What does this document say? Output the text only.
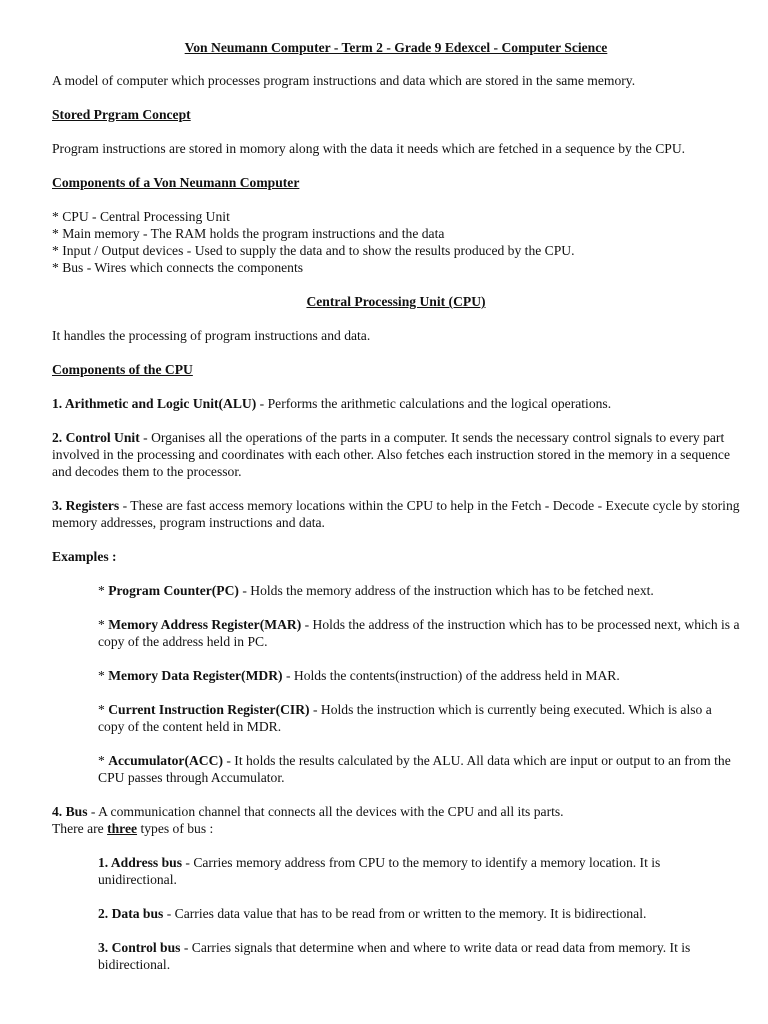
Von Neumann Computer - Term 2 - Grade 9 Edexcel - Computer Science

A model of computer which processes program instructions and data which are stored in the same memory.

Stored Prgram Concept

Program instructions are stored in momory along with the data it needs which are fetched in a sequence by the CPU.

Components of a Von Neumann Computer
* CPU - Central Processing Unit
* Main memory - The RAM holds the program instructions and the data
* Input / Output devices - Used to supply the data and to show the results produced by the CPU.
* Bus - Wires which connects the components
Central Processing Unit (CPU)

It handles the processing of program instructions and data.

Components of the CPU

1. Arithmetic and Logic Unit(ALU) - Performs the arithmetic calculations and the logical operations.

2. Control Unit - Organises all the operations of the parts in a computer. It sends the necessary control signals to every part involved in the processing and coordinates with each other. Also fetches each instruction stored in the memory in a sequence and decodes them to the processor.

3. Registers - These are fast access memory locations within the CPU to help in the Fetch - Decode - Execute cycle by storing memory addresses, program instructions and data.

Examples :

* Program Counter(PC) - Holds the memory address of the instruction which has to be fetched next.

* Memory Address Register(MAR) - Holds the address of the instruction which has to be processed next, which is a copy of the address held in PC.

* Memory Data Register(MDR) - Holds the contents(instruction) of the address held in MAR.

* Current Instruction Register(CIR) - Holds the instruction which is currently being executed. Which is also a copy of the content held in MDR.

* Accumulator(ACC) - It holds the results calculated by the ALU. All data which are input or output to an from the CPU passes through Accumulator.

4. Bus - A communication channel that connects all the devices with the CPU and all its parts.

There are three types of bus :

1. Address bus - Carries memory address from CPU to the memory to identify a memory location. It is unidirectional.

2. Data bus - Carries data value that has to be read from or written to the memory. It is bidirectional.

3. Control bus - Carries signals that determine when and where to write data or read data from memory. It is bidirectional.
